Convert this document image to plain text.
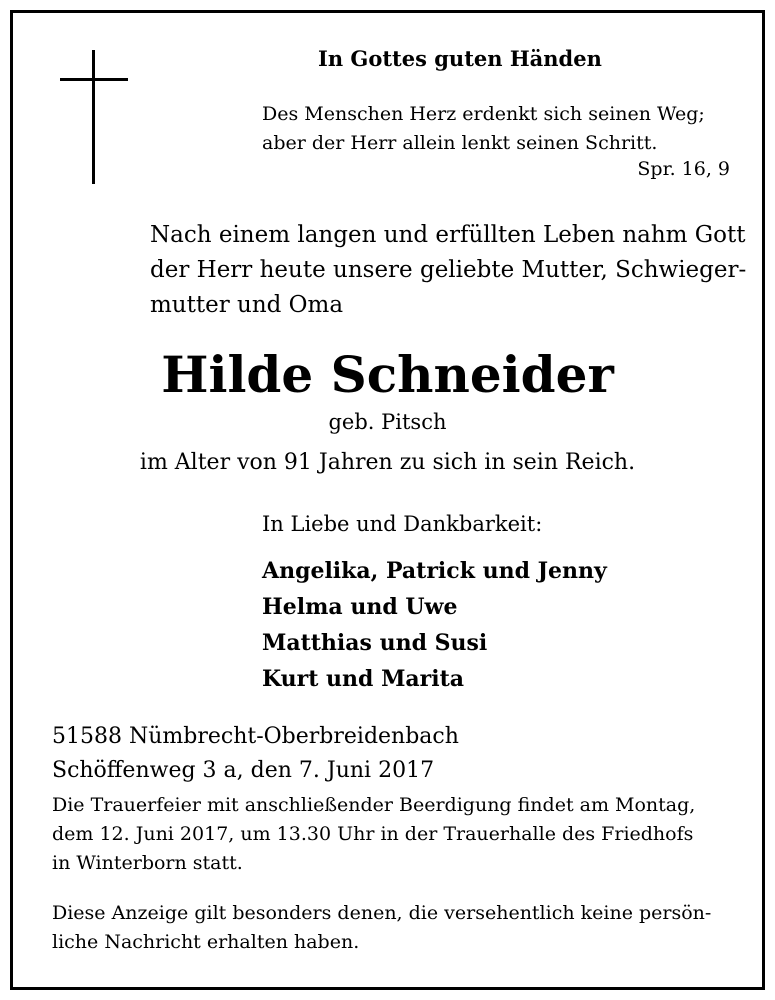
In Gottes guten Händen
Des Menschen Herz erdenkt sich seinen Weg;
aber der Herr allein lenkt seinen Schritt.
Spr. 16, 9
Nach einem langen und erfüllten Leben nahm Gott
der Herr heute unsere geliebte Mutter, Schwieger-
mutter und Oma
Hilde Schneider
geb. Pitsch
im Alter von 91 Jahren zu sich in sein Reich.
In Liebe und Dankbarkeit:
Angelika, Patrick und Jenny
Helma und Uwe
Matthias und Susi
Kurt und Marita
51588 Nümbrecht-Oberbreidenbach
Schöffenweg 3 a, den 7. Juni 2017
Die Trauerfeier mit anschließender Beerdigung findet am Montag,
dem 12. Juni 2017, um 13.30 Uhr in der Trauerhalle des Friedhofs
in Winterborn statt.
Diese Anzeige gilt besonders denen, die versehentlich keine persön-
liche Nachricht erhalten haben.
